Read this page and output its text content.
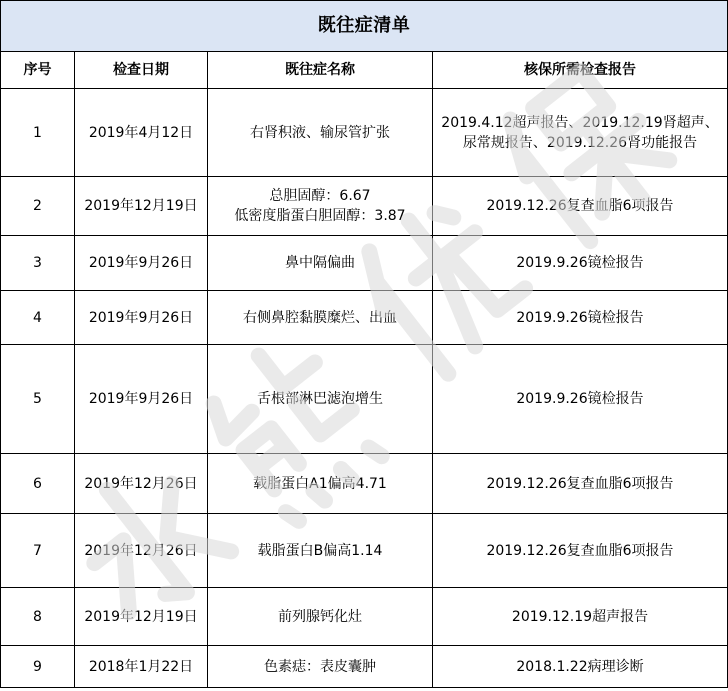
既往症清单			
序号	检查日期	既往症名称	核保所需检查报告
1	2019年4月12日	右肾积液、输尿管扩张	2019.4.12超声报告、2019.12.19肾超声、
尿常规报告、2019.12.26肾功能报告

2	2019年12月19日	总胆固醇：6.67
低密度脂蛋白胆固醇：3.87	2019.12.26复查血脂6项报告

3	2019年9月26日	鼻中隔偏曲	2019.9.26镜检报告

4	2019年9月26日	右侧鼻腔黏膜糜烂、出血	2019.9.26镜检报告

5	2019年9月26日	舌根部淋巴滤泡增生	2019.9.26镜检报告

6	2019年12月26日	载脂蛋白A1偏高4.71	2019.12.26复查血脂6项报告

7	2019年12月26日	载脂蛋白B偏高1.14	2019.12.26复查血脂6项报告

8	2019年12月19日	前列腺钙化灶	2019.12.19超声报告

9	2018年1月22日	色素痣：表皮囊肿	2018.1.22病理诊断
